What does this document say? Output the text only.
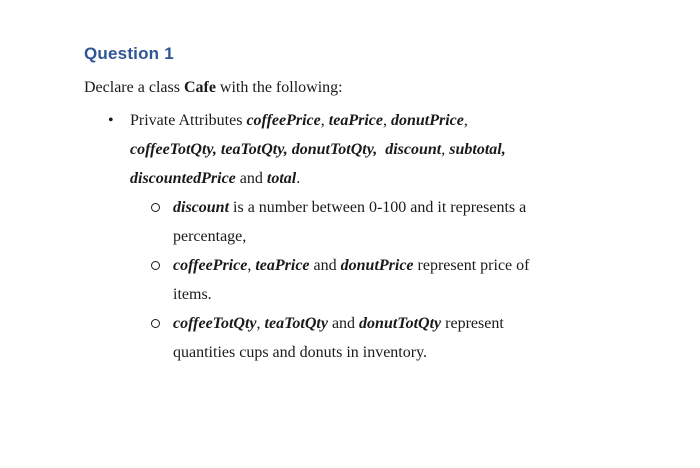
Question 1
Declare a class Cafe with the following:
• Private Attributes coffeePrice, teaPrice, donutPrice,
coffeeTotQty, teaTotQty, donutTotQty, discount, subtotal,
discountedPrice and total.
discount is a number between 0-100 and it represents a
percentage,
coffeePrice, teaPrice and donutPrice represent price of
items.
coffeeTotQty, teaTotQty and donutTotQty represent
quantities cups and donuts in inventory.
